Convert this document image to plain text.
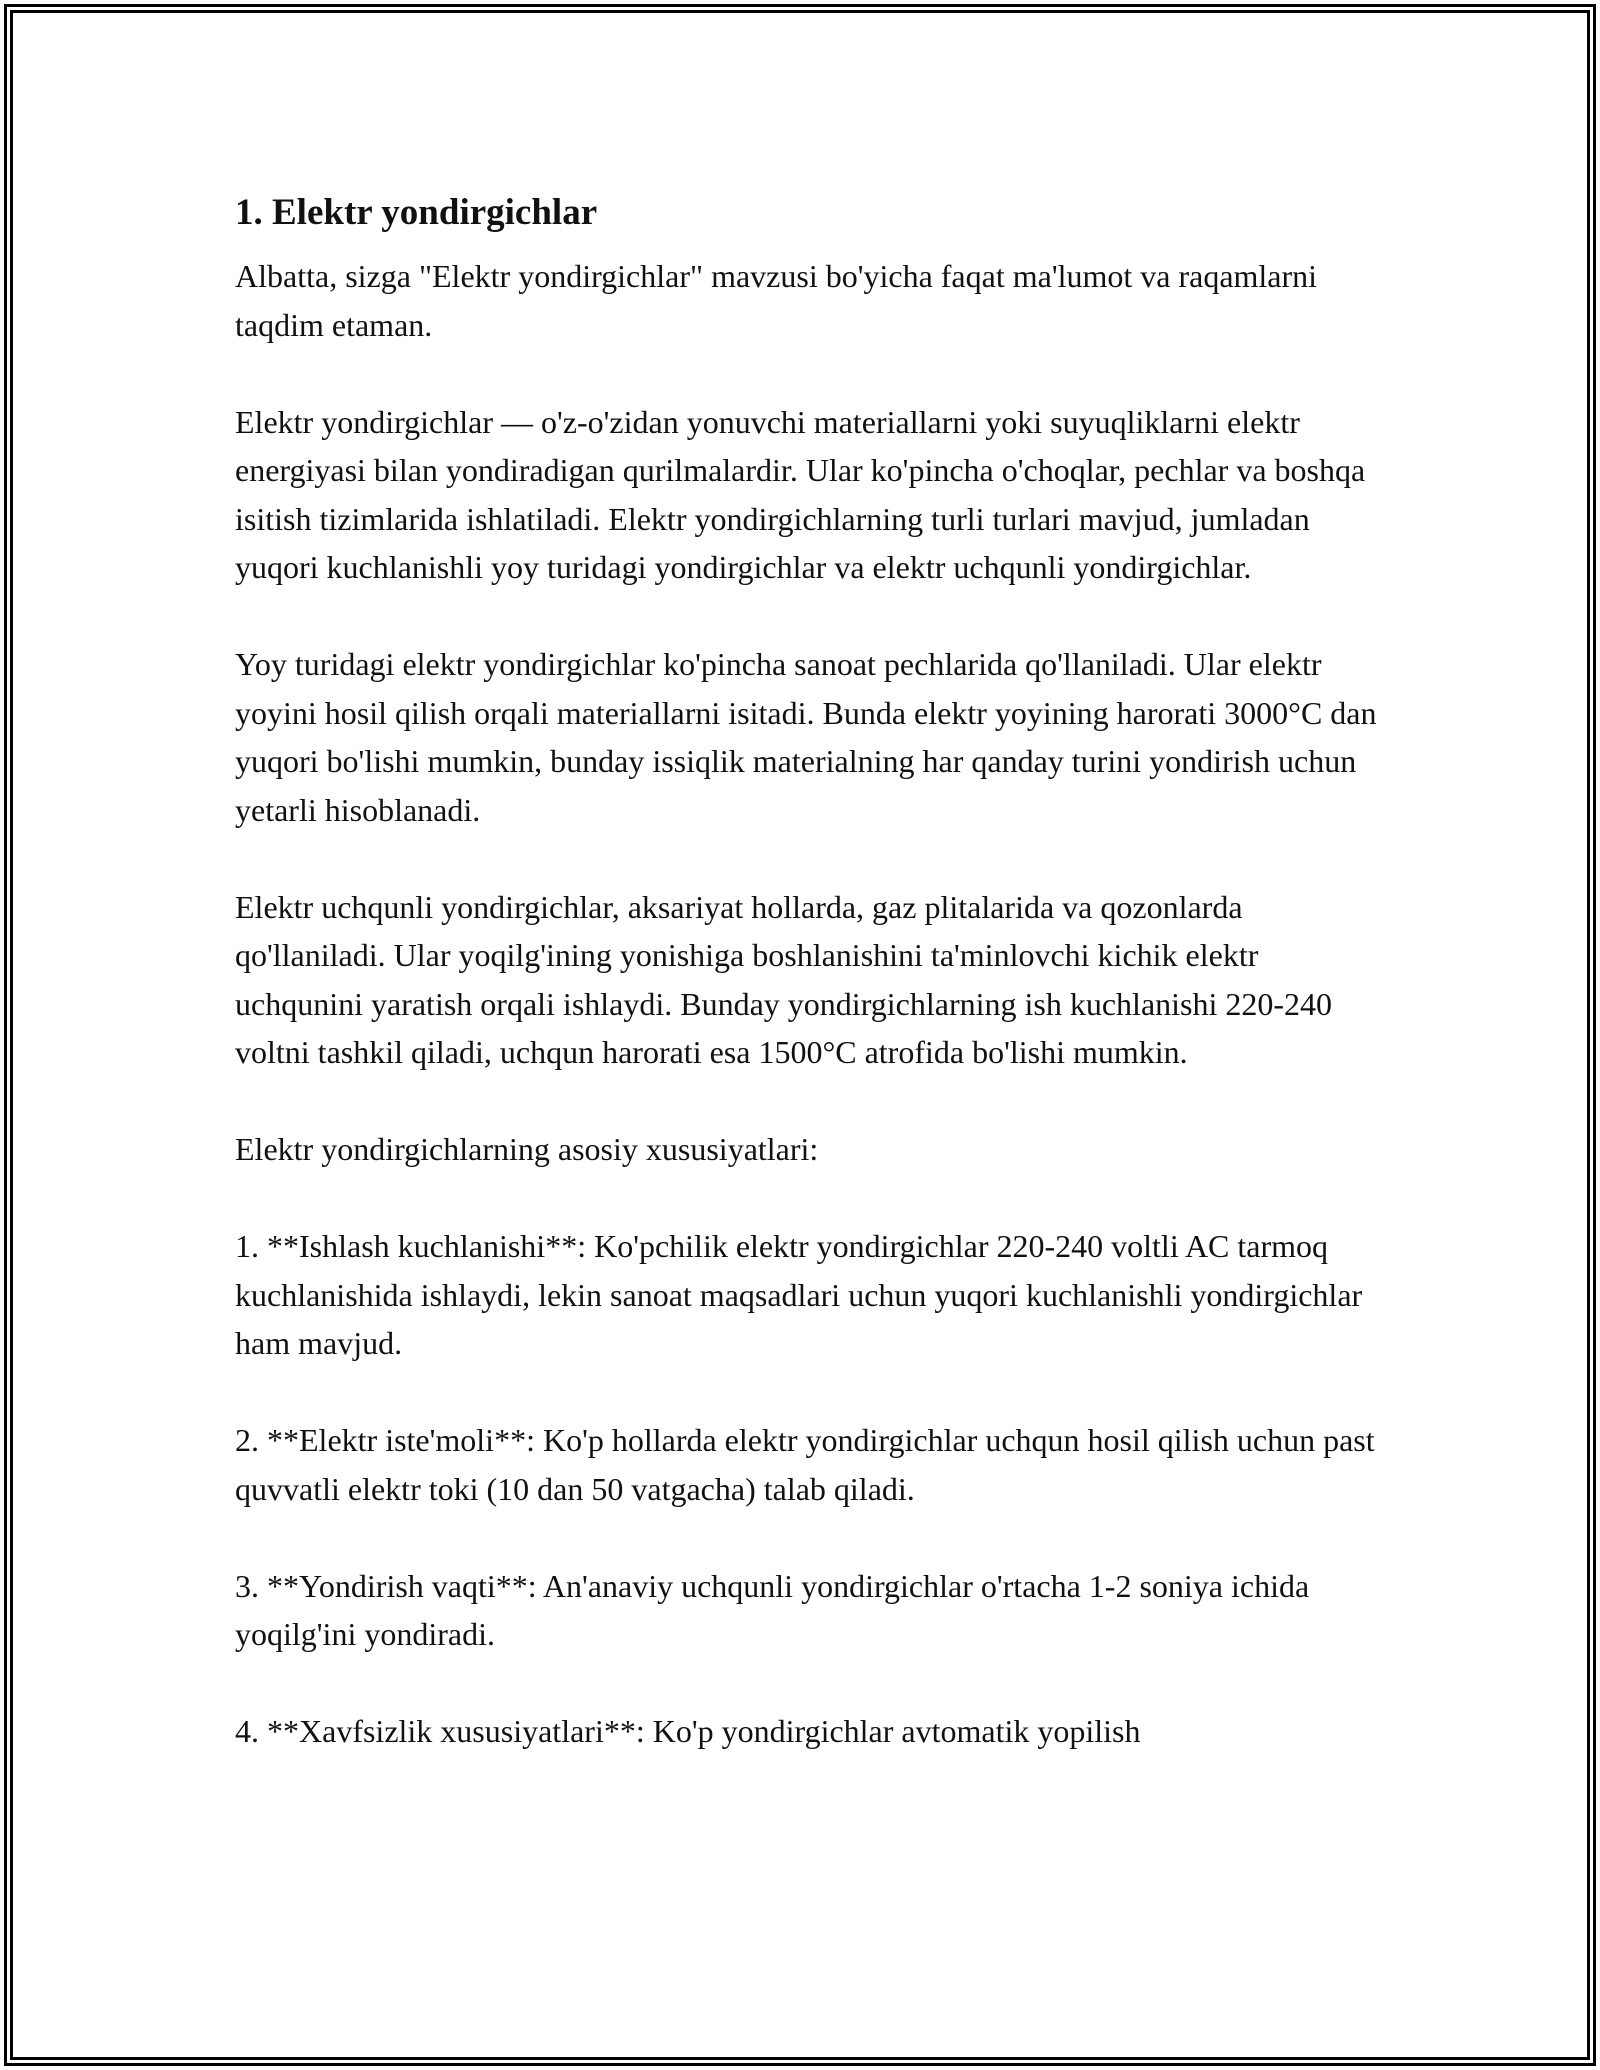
1. Elektr yondirgichlar

Albatta, sizga "Elektr yondirgichlar" mavzusi bo'yicha faqat ma'lumot va raqamlarni taqdim etaman.

Elektr yondirgichlar — o'z-o'zidan yonuvchi materiallarni yoki suyuqliklarni elektr energiyasi bilan yondiradigan qurilmalardir. Ular ko'pincha o'choqlar, pechlar va boshqa isitish tizimlarida ishlatiladi. Elektr yondirgichlarning turli turlari mavjud, jumladan yuqori kuchlanishli yoy turidagi yondirgichlar va elektr uchqunli yondirgichlar.

Yoy turidagi elektr yondirgichlar ko'pincha sanoat pechlarida qo'llaniladi. Ular elektr yoyini hosil qilish orqali materiallarni isitadi. Bunda elektr yoyining harorati 3000°C dan yuqori bo'lishi mumkin, bunday issiqlik materialning har qanday turini yondirish uchun yetarli hisoblanadi.

Elektr uchqunli yondirgichlar, aksariyat hollarda, gaz plitalarida va qozonlarda qo'llaniladi. Ular yoqilg'ining yonishiga boshlanishini ta'minlovchi kichik elektr uchqunini yaratish orqali ishlaydi. Bunday yondirgichlarning ish kuchlanishi 220-240 voltni tashkil qiladi, uchqun harorati esa 1500°C atrofida bo'lishi mumkin.

Elektr yondirgichlarning asosiy xususiyatlari:

1. **Ishlash kuchlanishi**: Ko'pchilik elektr yondirgichlar 220-240 voltli AC tarmoq kuchlanishida ishlaydi, lekin sanoat maqsadlari uchun yuqori kuchlanishli yondirgichlar ham mavjud.

2. **Elektr iste'moli**: Ko'p hollarda elektr yondirgichlar uchqun hosil qilish uchun past quvvatli elektr toki (10 dan 50 vatgacha) talab qiladi.

3. **Yondirish vaqti**: An'anaviy uchqunli yondirgichlar o'rtacha 1-2 soniya ichida yoqilg'ini yondiradi.

4. **Xavfsizlik xususiyatlari**: Ko'p yondirgichlar avtomatik yopilish
